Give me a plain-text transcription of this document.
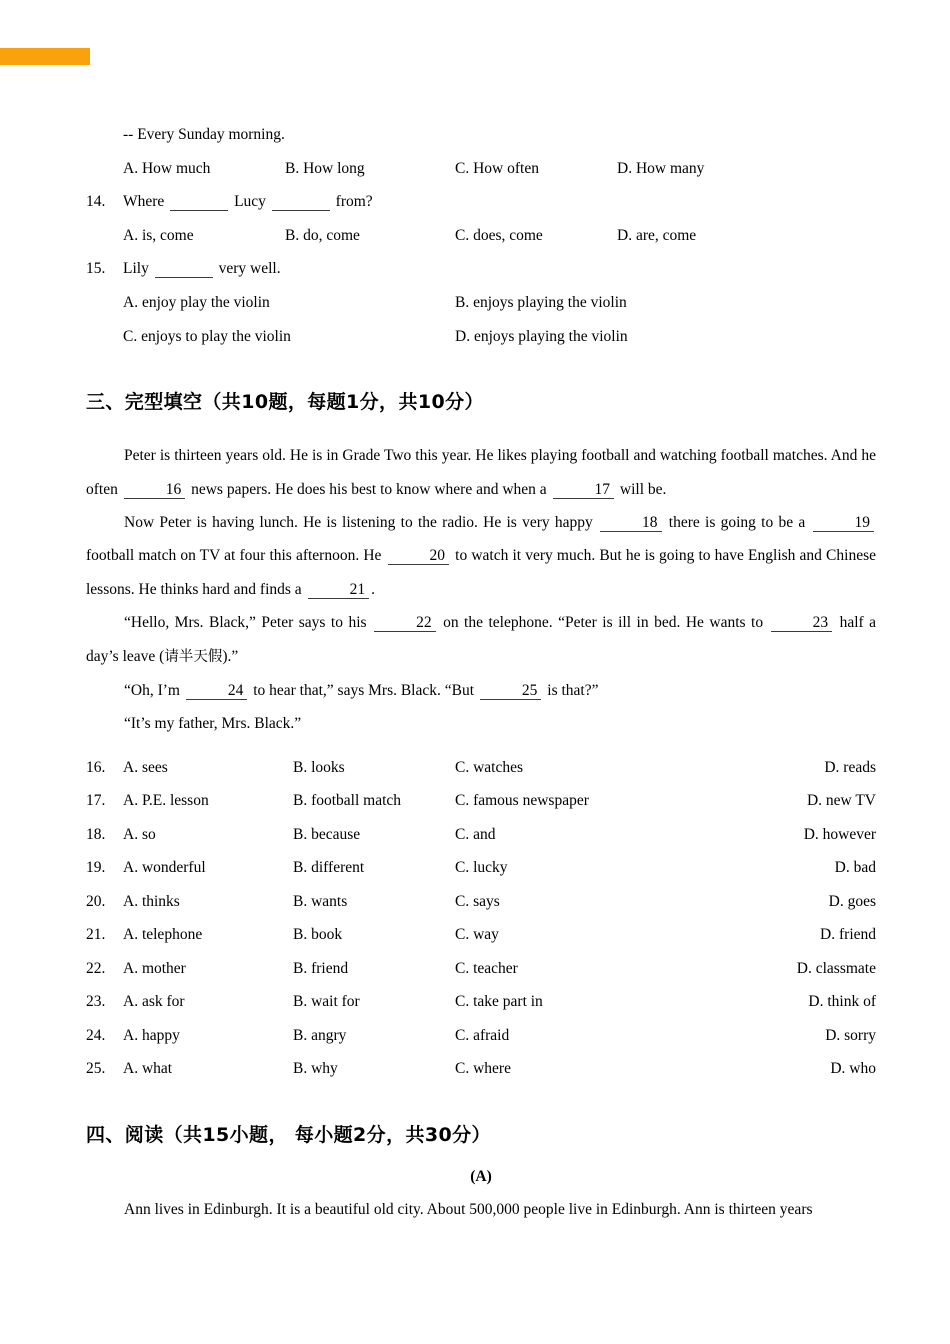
-- Every Sunday morning.
A. How much	B. How long	C. How often	D. How many
14.	Where	Lucy	from?
A. is, come	B. do, come	C. does, come	D. are, come
15.	Lily	very well.
A. enjoy play the violin	B. enjoys playing the violin
C. enjoys to play the violin	D. enjoys playing the violin
三、完型填空（共10题，每题1分，共10分）
Peter is thirteen years old. He is in Grade Two this year. He likes playing football and watching football matches. And he often	16 news papers. He does his best to know where and when a	17 will be.
Now Peter is having lunch. He is listening to the radio. He is very happy	18 there is going to be a	19 football match on TV at four this afternoon. He	20 to watch it very much. But he is going to have English and Chinese lessons. He thinks hard and finds a	21 .
“Hello, Mrs. Black,” Peter says to his	22 on the telephone. “Peter is ill in bed. He wants to	23 half a day’s leave (请半天假).”
“Oh, I’m	24 to hear that,” says Mrs. Black. “But	25 is that?”
“It’s my father, Mrs. Black.”
16.	A. sees	B. looks	C. watches	D. reads
17.	A. P.E. lesson	B. football match	C. famous newspaper	D. new TV
18.	A. so	B. because	C. and	D. however
19.	A. wonderful	B. different	C. lucky	D. bad
20.	A. thinks	B. wants	C. says	D. goes
21.	A. telephone	B. book	C. way	D. friend
22.	A. mother	B. friend	C. teacher	D. classmate
23.	A. ask for	B. wait for	C. take part in	D. think of
24.	A. happy	B. angry	C. afraid	D. sorry
25.	A. what	B. why	C. where	D. who
四、阅读（共15小题， 每小题2分，共30分）
(A)
Ann lives in Edinburgh. It is a beautiful old city. About 500,000 people live in Edinburgh. Ann is thirteen years
